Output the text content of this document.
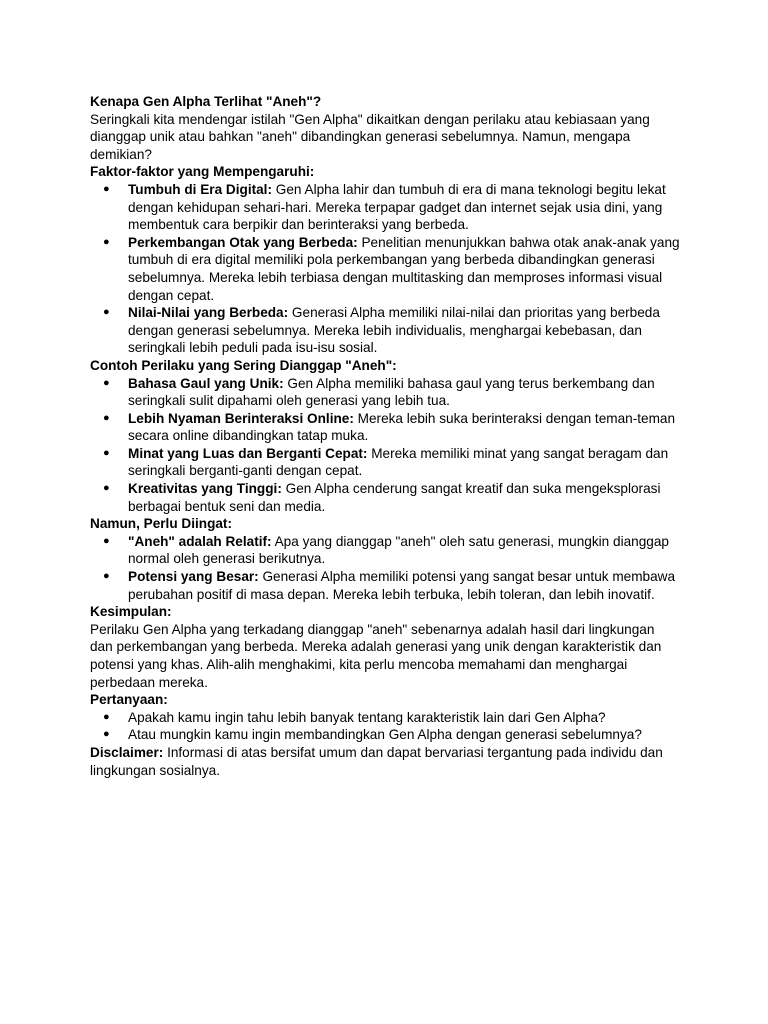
Kenapa Gen Alpha Terlihat "Aneh"?
Seringkali kita mendengar istilah "Gen Alpha" dikaitkan dengan perilaku atau kebiasaan yang dianggap unik atau bahkan "aneh" dibandingkan generasi sebelumnya. Namun, mengapa demikian?
Faktor-faktor yang Mempengaruhi:
● Tumbuh di Era Digital: Gen Alpha lahir dan tumbuh di era di mana teknologi begitu lekat dengan kehidupan sehari-hari. Mereka terpapar gadget dan internet sejak usia dini, yang membentuk cara berpikir dan berinteraksi yang berbeda.
● Perkembangan Otak yang Berbeda: Penelitian menunjukkan bahwa otak anak-anak yang tumbuh di era digital memiliki pola perkembangan yang berbeda dibandingkan generasi sebelumnya. Mereka lebih terbiasa dengan multitasking dan memproses informasi visual dengan cepat.
● Nilai-Nilai yang Berbeda: Generasi Alpha memiliki nilai-nilai dan prioritas yang berbeda dengan generasi sebelumnya. Mereka lebih individualis, menghargai kebebasan, dan seringkali lebih peduli pada isu-isu sosial.
Contoh Perilaku yang Sering Dianggap "Aneh":
● Bahasa Gaul yang Unik: Gen Alpha memiliki bahasa gaul yang terus berkembang dan seringkali sulit dipahami oleh generasi yang lebih tua.
● Lebih Nyaman Berinteraksi Online: Mereka lebih suka berinteraksi dengan teman-teman secara online dibandingkan tatap muka.
● Minat yang Luas dan Berganti Cepat: Mereka memiliki minat yang sangat beragam dan seringkali berganti-ganti dengan cepat.
● Kreativitas yang Tinggi: Gen Alpha cenderung sangat kreatif dan suka mengeksplorasi berbagai bentuk seni dan media.
Namun, Perlu Diingat:
● "Aneh" adalah Relatif: Apa yang dianggap "aneh" oleh satu generasi, mungkin dianggap normal oleh generasi berikutnya.
● Potensi yang Besar: Generasi Alpha memiliki potensi yang sangat besar untuk membawa perubahan positif di masa depan. Mereka lebih terbuka, lebih toleran, dan lebih inovatif.
Kesimpulan:
Perilaku Gen Alpha yang terkadang dianggap "aneh" sebenarnya adalah hasil dari lingkungan dan perkembangan yang berbeda. Mereka adalah generasi yang unik dengan karakteristik dan potensi yang khas. Alih-alih menghakimi, kita perlu mencoba memahami dan menghargai perbedaan mereka.
Pertanyaan:
● Apakah kamu ingin tahu lebih banyak tentang karakteristik lain dari Gen Alpha?
● Atau mungkin kamu ingin membandingkan Gen Alpha dengan generasi sebelumnya?
Disclaimer: Informasi di atas bersifat umum dan dapat bervariasi tergantung pada individu dan lingkungan sosialnya.
